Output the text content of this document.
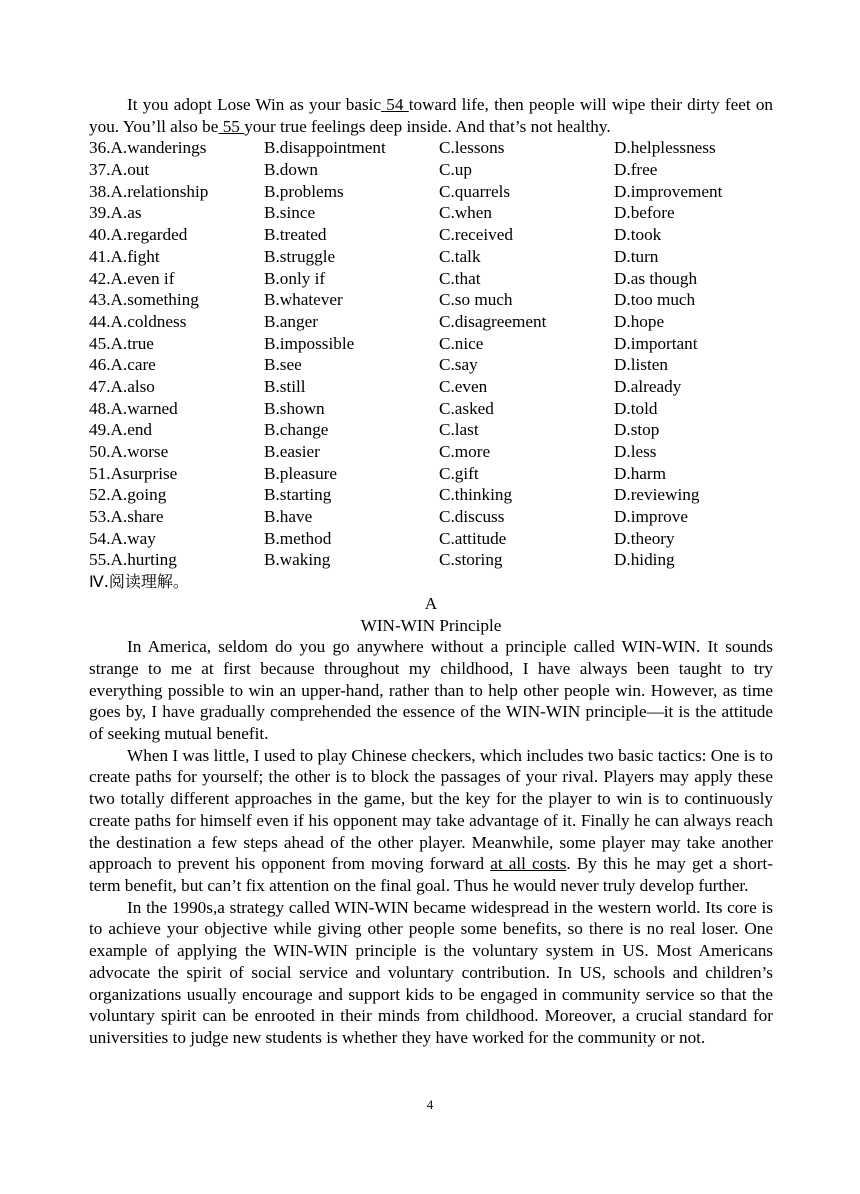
It you adopt Lose Win as your basic 54 toward life, then people will wipe their dirty feet on you. You’ll also be 55 your true feelings deep inside. And that’s not healthy.

36.A.wanderings	B.disappointment	C.lessons	D.helplessness
37.A.out	B.down	C.up	D.free
38.A.relationship	B.problems	C.quarrels	D.improvement
39.A.as	B.since	C.when	D.before
40.A.regarded	B.treated	C.received	D.took
41.A.fight	B.struggle	C.talk	D.turn
42.A.even if	B.only if	C.that	D.as though
43.A.something	B.whatever	C.so much	D.too much
44.A.coldness	B.anger	C.disagreement	D.hope
45.A.true	B.impossible	C.nice	D.important
46.A.care	B.see	C.say	D.listen
47.A.also	B.still	C.even	D.already
48.A.warned	B.shown	C.asked	D.told
49.A.end	B.change	C.last	D.stop
50.A.worse	B.easier	C.more	D.less
51.Asurprise	B.pleasure	C.gift	D.harm
52.A.going	B.starting	C.thinking	D.reviewing
53.A.share	B.have	C.discuss	D.improve
54.A.way	B.method	C.attitude	D.theory
55.A.hurting	B.waking	C.storing	D.hiding

Ⅳ.阅读理解。

A

WIN-WIN Principle

In America, seldom do you go anywhere without a principle called WIN-WIN. It sounds strange to me at first because throughout my childhood, I have always been taught to try everything possible to win an upper-hand, rather than to help other people win. However, as time goes by, I have gradually comprehended the essence of the WIN-WIN principle—it is the attitude of seeking mutual benefit.

When I was little, I used to play Chinese checkers, which includes two basic tactics: One is to create paths for yourself; the other is to block the passages of your rival. Players may apply these two totally different approaches in the game, but the key for the player to win is to continuously create paths for himself even if his opponent may take advantage of it. Finally he can always reach the destination a few steps ahead of the other player. Meanwhile, some player may take another approach to prevent his opponent from moving forward at all costs. By this he may get a short-term benefit, but can’t fix attention on the final goal. Thus he would never truly develop further.

In the 1990s,a strategy called WIN-WIN became widespread in the western world. Its core is to achieve your objective while giving other people some benefits, so there is no real loser. One example of applying the WIN-WIN principle is the voluntary system in US. Most Americans advocate the spirit of social service and voluntary contribution. In US, schools and children’s organizations usually encourage and support kids to be engaged in community service so that the voluntary spirit can be enrooted in their minds from childhood. Moreover, a crucial standard for universities to judge new students is whether they have worked for the community or not.

4
